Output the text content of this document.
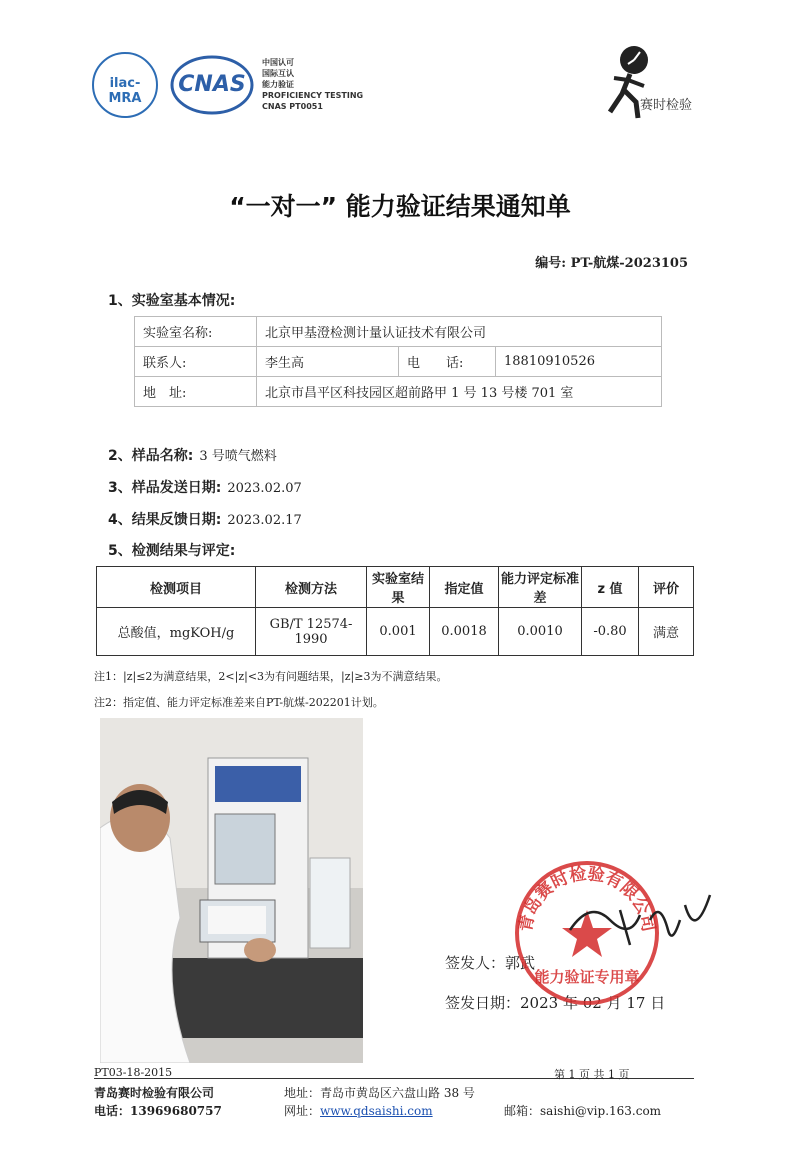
ilac-MRA
CNAS
中国认可
国际互认
能力验证
PROFICIENCY TESTING
CNAS PT0051	赛时检验
“一对一” 能力验证结果通知单
编号: PT-航煤-2023105
1、实验室基本情况:
实验室名称:	北京甲基澄检测计量认证技术有限公司		
联系人:	李生高	电　　话:	18810910526
地　址:	北京市昌平区科技园区超前路甲 1 号 13 号楼 701 室		
2、样品名称: 3 号喷气燃料
3、样品发送日期: 2023.02.07
4、结果反馈日期: 2023.02.17
5、检测结果与评定:
检测项目	检测方法	实验室结果	指定值	能力评定标准差	z 值	评价
总酸值，mgKOH/g	GB/T 12574-1990	0.001	0.0018	0.0010	-0.80	满意
注1：|z|≤2为满意结果，2<|z|<3为有问题结果，|z|≥3为不满意结果。
注2：指定值、能力评定标准差来自PT-航煤-202201计划。
签发人：郭武
签发日期：2023 年 02 月 17 日
青岛赛时检验有限公司
能力验证专用章
PT03-18-2015	第 1 页 共 1 页
青岛赛时检验有限公司
电话：13969680757
地址：青岛市黄岛区六盘山路 38 号
网址：www.qdsaishi.com	邮箱：saishi@vip.163.com
